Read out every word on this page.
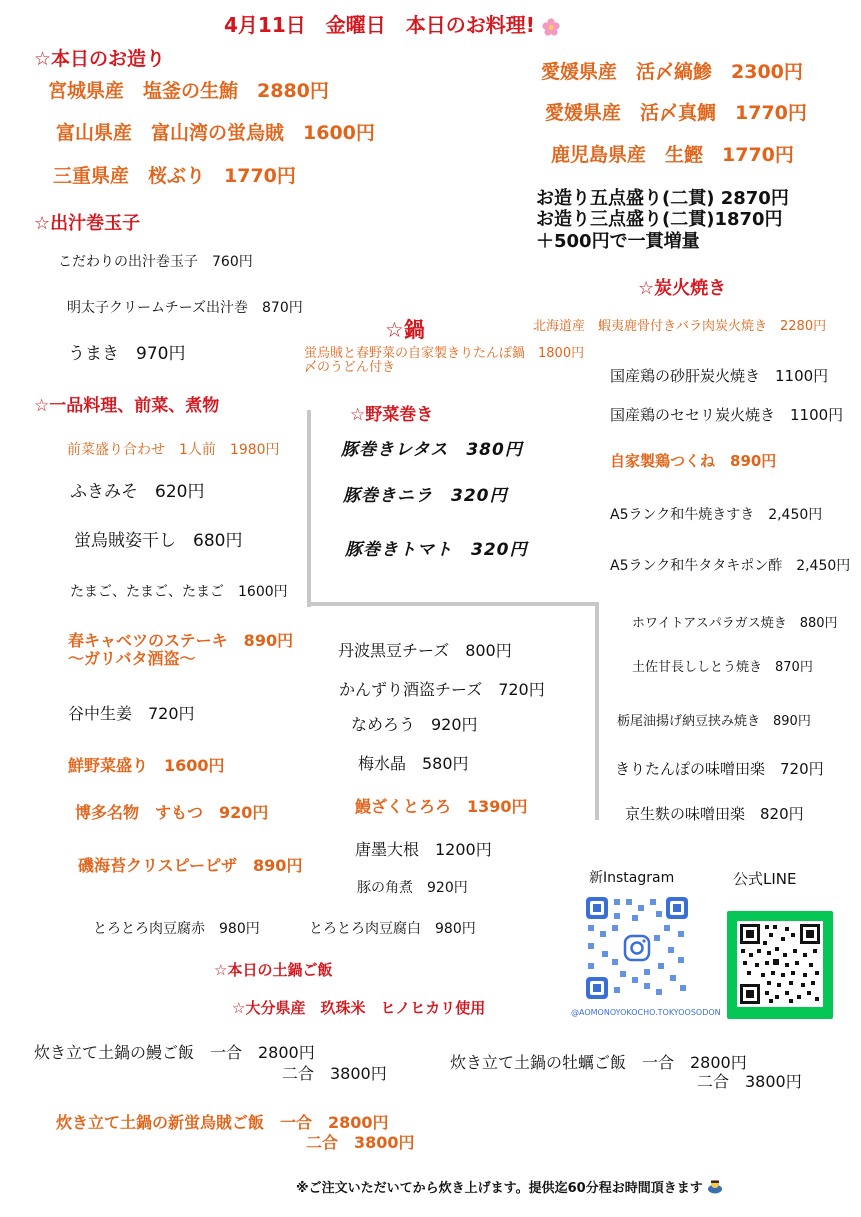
4月11日　金曜日　本日のお料理!
☆本日のお造り
宮城県産　塩釜の生鮪　2880円
富山県産　富山湾の蛍烏賊　1600円
三重県産　桜ぶり　1770円
愛媛県産　活〆縞鯵　2300円
愛媛県産　活〆真鯛　1770円
鹿児島県産　生鰹　1770円
お造り五点盛り(二貫) 2870円
お造り三点盛り(二貫)1870円
＋500円で一貫増量
☆出汁巻玉子
こだわりの出汁巻玉子　760円
明太子クリームチーズ出汁巻　870円
うまき　970円
☆鍋
蛍烏賊と春野菜の自家製きりたんぽ鍋　1800円
〆のうどん付き
☆一品料理、前菜、煮物
前菜盛り合わせ　1人前　1980円
ふきみそ　620円
蛍烏賊姿干し　680円
たまご、たまご、たまご　1600円
春キャベツのステーキ　890円
～ガリバタ酒盗～
谷中生姜　720円
鮮野菜盛り　1600円
博多名物　すもつ　920円
磯海苔クリスピーピザ　890円
とろとろ肉豆腐赤　980円
☆野菜巻き
豚巻きレタス　380円
豚巻きニラ　320円
豚巻きトマト　320円
丹波黒豆チーズ　800円
かんずり酒盗チーズ　720円
なめろう　920円
梅水晶　580円
鰻ざくとろろ　1390円
唐墨大根　1200円
豚の角煮　920円
とろとろ肉豆腐白　980円
☆炭火焼き
北海道産　蝦夷鹿骨付きバラ肉炭火焼き　2280円
国産鶏の砂肝炭火焼き　1100円
国産鶏のセセリ炭火焼き　1100円
自家製鶏つくね　890円
A5ランク和牛焼きすき　2,450円
A5ランク和牛タタキポン酢　2,450円
ホワイトアスパラガス焼き　880円
土佐甘長ししとう焼き　870円
栃尾油揚げ納豆挟み焼き　890円
きりたんぽの味噌田楽　720円
京生麩の味噌田楽　820円
新Instagram
@AOMONOYOKOCHO.TOKYOOSODON
公式LINE
☆本日の土鍋ご飯
☆大分県産　玖珠米　ヒノヒカリ使用
炊き立て土鍋の鰻ご飯　一合　2800円
二合　3800円
炊き立て土鍋の牡蠣ご飯　一合　2800円
二合　3800円
炊き立て土鍋の新蛍烏賊ご飯　一合　2800円
二合　3800円
※ご注文いただいてから炊き上げます。提供迄60分程お時間頂きます
